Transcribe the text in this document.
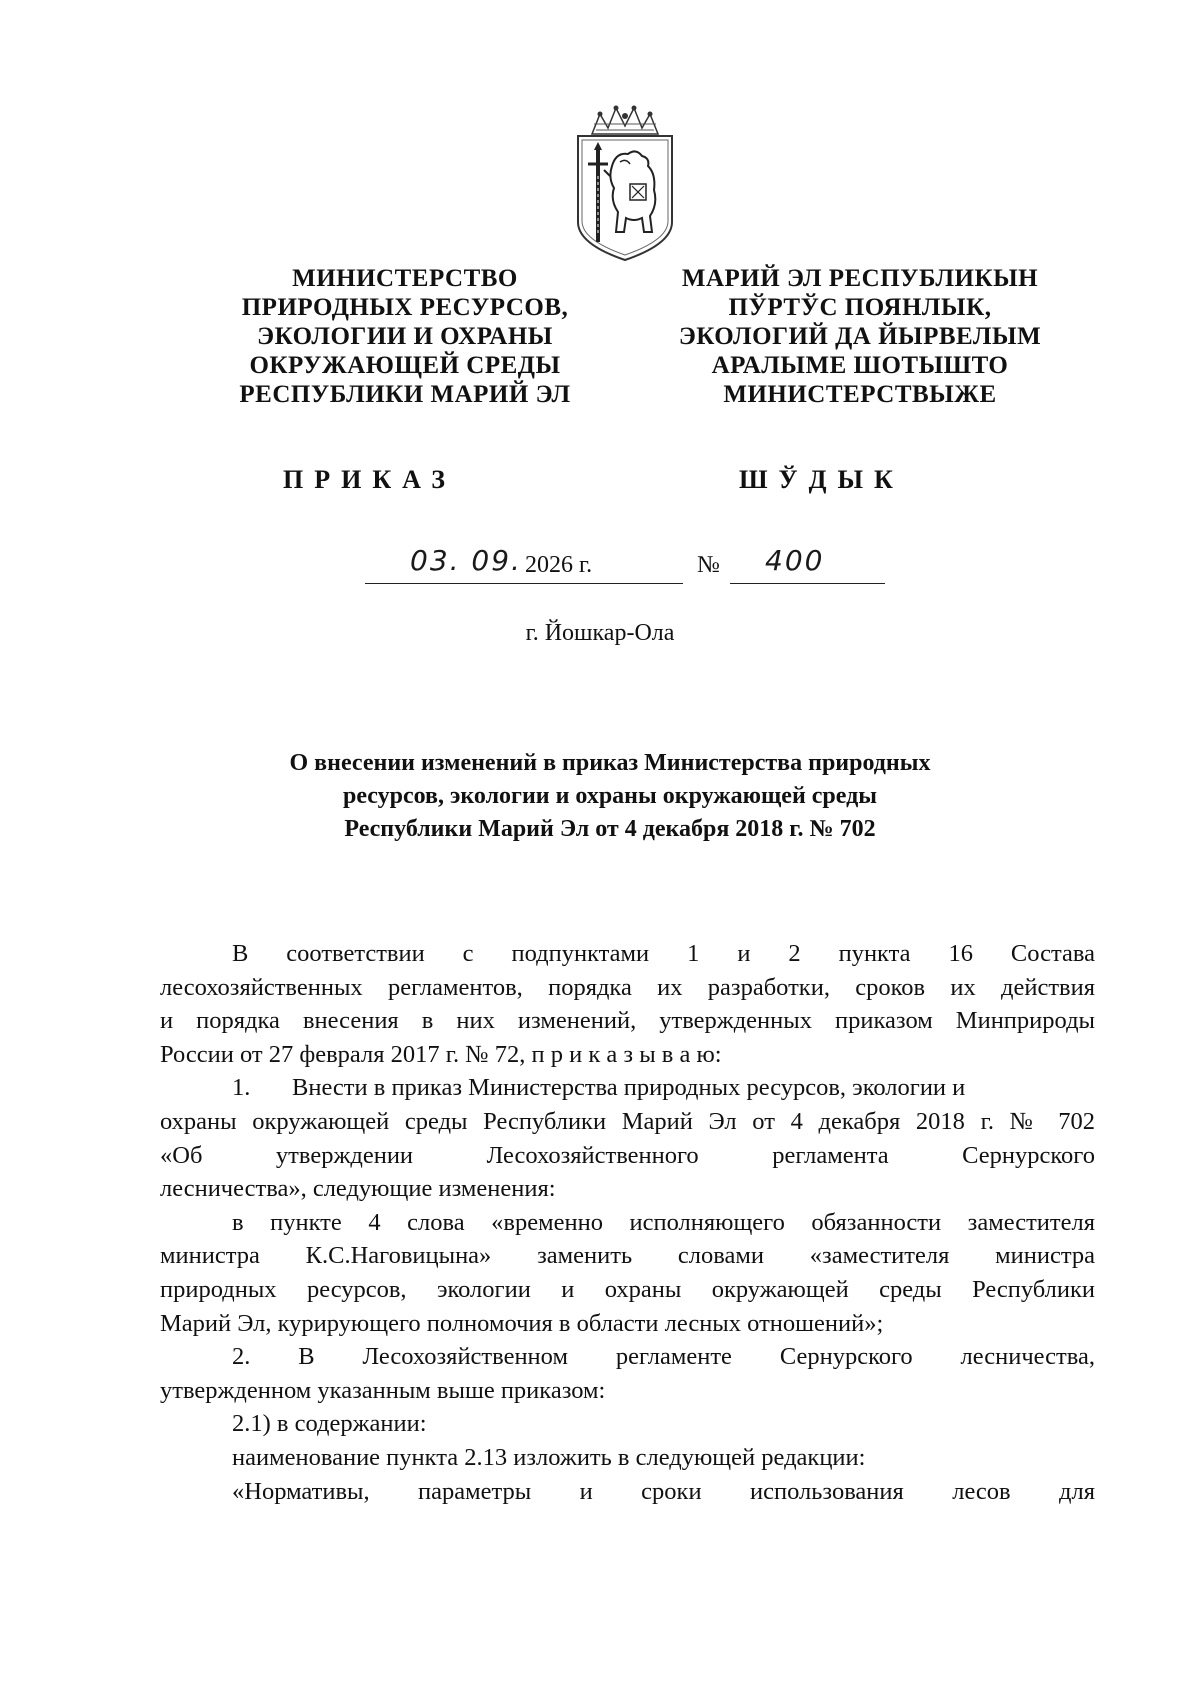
МИНИСТЕРСТВО
ПРИРОДНЫХ РЕСУРСОВ,
ЭКОЛОГИИ И ОХРАНЫ
ОКРУЖАЮЩЕЙ СРЕДЫ
РЕСПУБЛИКИ МАРИЙ ЭЛ
МАРИЙ ЭЛ РЕСПУБЛИКЫН
ПЎРТЎС ПОЯНЛЫК,
ЭКОЛОГИЙ ДА ЙЫРВЕЛЫМ
АРАЛЫМЕ ШОТЫШТО
МИНИСТЕРСТВЫЖЕ
ПРИКАЗ	ШЎДЫК
03. 09. 2026 г.	№ 400
г. Йошкар-Ола
О внесении изменений в приказ Министерства природных
ресурсов, экологии и охраны окружающей среды
Республики Марий Эл от 4 декабря 2018 г. № 702
В соответствии с подпунктами 1 и 2 пункта 16 Состава
лесохозяйственных регламентов, порядка их разработки, сроков их действия
и порядка внесения в них изменений, утвержденных приказом Минприроды
России от 27 февраля 2017 г. № 72, п р и к а з ы в а ю:
1. Внести в приказ Министерства природных ресурсов, экологии и
охраны окружающей среды Республики Марий Эл от 4 декабря 2018 г. № 702
«Об утверждении Лесохозяйственного регламента Сернурского
лесничества», следующие изменения:
в пункте 4 слова «временно исполняющего обязанности заместителя
министра К.С.Наговицына» заменить словами «заместителя министра
природных ресурсов, экологии и охраны окружающей среды Республики
Марий Эл, курирующего полномочия в области лесных отношений»;
2. В Лесохозяйственном регламенте Сернурского лесничества,
утвержденном указанным выше приказом:
2.1) в содержании:
наименование пункта 2.13 изложить в следующей редакции:
«Нормативы, параметры и сроки использования лесов для
